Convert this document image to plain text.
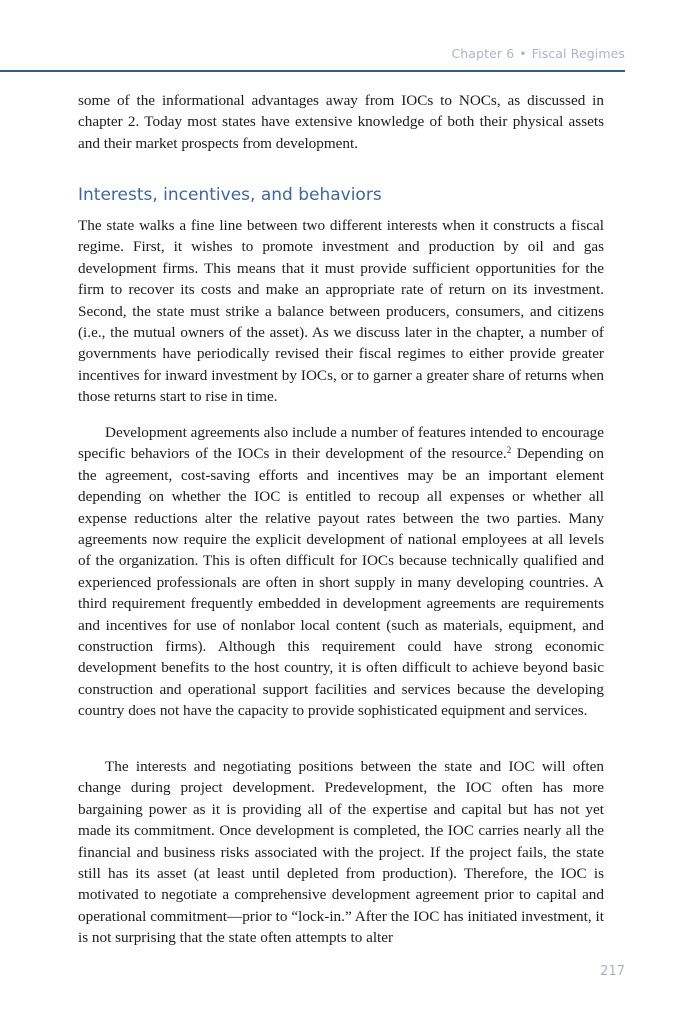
Chapter 6 • Fiscal Regimes

some of the informational advantages away from IOCs to NOCs, as discussed in chapter 2. Today most states have extensive knowledge of both their physical assets and their market prospects from development.

Interests, incentives, and behaviors

The state walks a fine line between two different interests when it constructs a fiscal regime. First, it wishes to promote investment and production by oil and gas development firms. This means that it must provide sufficient opportunities for the firm to recover its costs and make an appropriate rate of return on its investment. Second, the state must strike a balance between producers, consumers, and citizens (i.e., the mutual owners of the asset). As we discuss later in the chapter, a number of governments have periodically revised their fiscal regimes to either provide greater incentives for inward investment by IOCs, or to garner a greater share of returns when those returns start to rise in time.

Development agreements also include a number of features intended to encourage specific behaviors of the IOCs in their development of the resource.$^2$ Depending on the agreement, cost-saving efforts and incentives may be an important element depending on whether the IOC is entitled to recoup all expenses or whether all expense reductions alter the relative payout rates between the two parties. Many agreements now require the explicit development of national employees at all levels of the organization. This is often difficult for IOCs because technically qualified and experienced professionals are often in short supply in many developing countries. A third requirement frequently embedded in development agreements are requirements and incentives for use of nonlabor local content (such as materials, equipment, and construction firms). Although this requirement could have strong economic development benefits to the host country, it is often difficult to achieve beyond basic construction and operational support facilities and services because the developing country does not have the capacity to provide sophisticated equipment and services.

The interests and negotiating positions between the state and IOC will often change during project development. Predevelopment, the IOC often has more bargaining power as it is providing all of the expertise and capital but has not yet made its commitment. Once development is completed, the IOC carries nearly all the financial and business risks associated with the project. If the project fails, the state still has its asset (at least until depleted from production). Therefore, the IOC is motivated to negotiate a comprehensive development agreement prior to capital and operational commitment—prior to “lock-in.” After the IOC has initiated investment, it is not surprising that the state often attempts to alter

217
